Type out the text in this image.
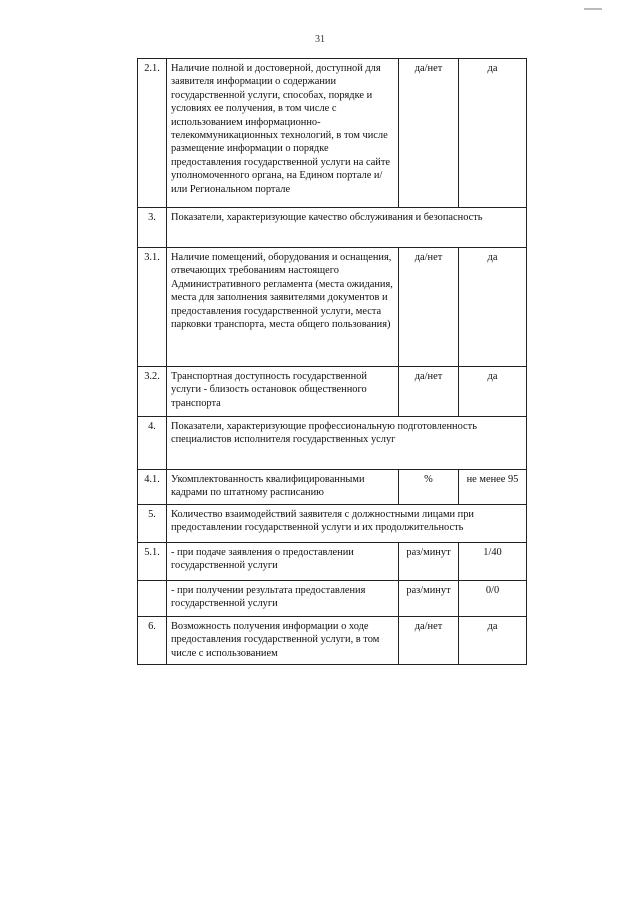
31
2.1.	Наличие полной и достоверной, доступной для заявителя информации о содержании государственной услуги, способах, порядке и условиях ее получения, в том числе с использованием информационно-телекоммуникационных технологий, в том числе размещение информации о порядке предоставления государственной услуги на сайте уполномоченного органа, на Едином портале и/или Региональном портале	да/нет	да
3.	Показатели, характеризующие качество обслуживания и безопасность		
3.1.	Наличие помещений, оборудования и оснащения, отвечающих требованиям настоящего Административного регламента (места ожидания, места для заполнения заявителями документов и предоставления государственной услуги, места парковки транспорта, места общего пользования)	да/нет	да
3.2.	Транспортная доступность государственной услуги - близость остановок общественного транспорта	да/нет	да
4.	Показатели, характеризующие профессиональную подготовленность специалистов исполнителя государственных услуг		
4.1.	Укомплектованность квалифицированными кадрами по штатному расписанию	%	не менее 95
5.	Количество взаимодействий заявителя с должностными лицами при предоставлении государственной услуги и их продолжительность		
5.1.	- при подаче заявления о предоставлении государственной услуги	раз/минут	1/40
	- при получении результата предоставления государственной услуги	раз/минут	0/0
6.	Возможность получения информации о ходе предоставления государственной услуги, в том числе с использованием	да/нет	да
